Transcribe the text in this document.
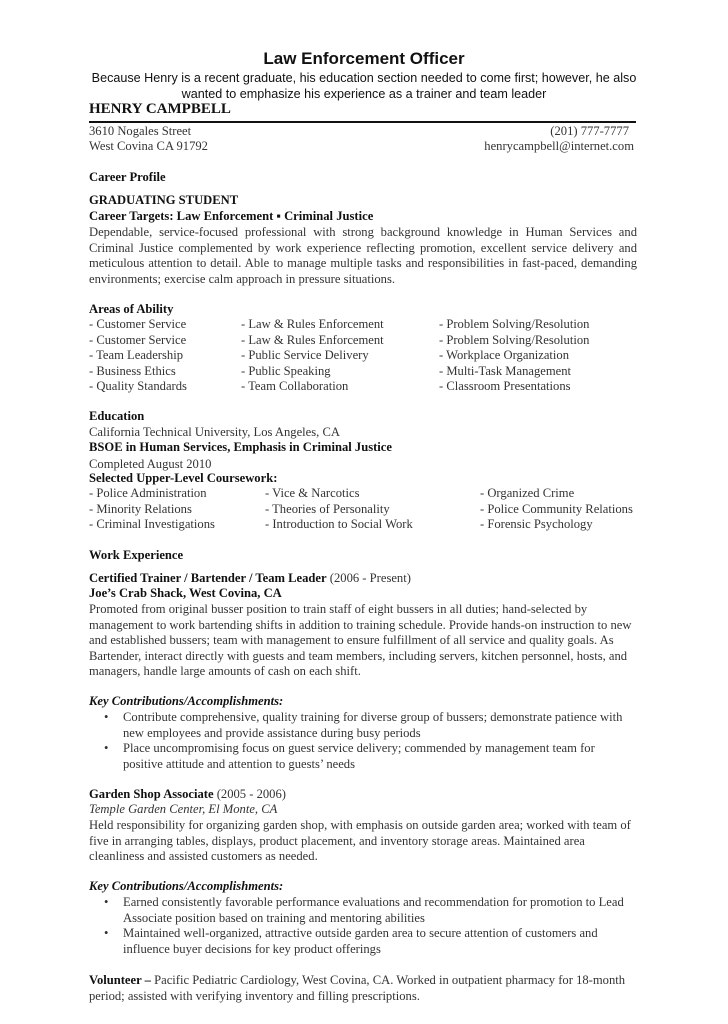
Law Enforcement Officer
Because Henry is a recent graduate, his education section needed to come first; however, he also
wanted to emphasize his experience as a trainer and team leader
HENRY CAMPBELL
3610 Nogales Street
West Covina CA 91792
(201) 777-7777
henrycampbell@internet.com
Career Profile
GRADUATING STUDENT
Career Targets: Law Enforcement ▪ Criminal Justice
Dependable, service-focused professional with strong background knowledge in Human Services and Criminal Justice complemented by work experience reflecting promotion, excellent service delivery and meticulous attention to detail. Able to manage multiple tasks and responsibilities in fast-paced, demanding environments; exercise calm approach in pressure situations.
Areas of Ability
- Customer Service
- Customer Service
- Team Leadership
- Business Ethics
- Quality Standards
- Law & Rules Enforcement
- Law & Rules Enforcement
- Public Service Delivery
- Public Speaking
- Team Collaboration
- Problem Solving/Resolution
- Problem Solving/Resolution
- Workplace Organization
- Multi-Task Management
- Classroom Presentations
Education
California Technical University, Los Angeles, CA
BSOE in Human Services, Emphasis in Criminal Justice
Completed August 2010
Selected Upper-Level Coursework:
- Police Administration
- Minority Relations
- Criminal Investigations
- Vice & Narcotics
- Theories of Personality
- Introduction to Social Work
- Organized Crime
- Police Community Relations
- Forensic Psychology
Work Experience
Certified Trainer / Bartender / Team Leader (2006 - Present)
Joe’s Crab Shack, West Covina, CA
Promoted from original busser position to train staff of eight bussers in all duties; hand-selected by management to work bartending shifts in addition to training schedule. Provide hands-on instruction to new and established bussers; team with management to ensure fulfillment of all service and quality goals. As Bartender, interact directly with guests and team members, including servers, kitchen personnel, hosts, and managers, handle large amounts of cash on each shift.
Key Contributions/Accomplishments:
• Contribute comprehensive, quality training for diverse group of bussers; demonstrate patience with new employees and provide assistance during busy periods
• Place uncompromising focus on guest service delivery; commended by management team for positive attitude and attention to guests’ needs
Garden Shop Associate (2005 - 2006)
Temple Garden Center, El Monte, CA
Held responsibility for organizing garden shop, with emphasis on outside garden area; worked with team of five in arranging tables, displays, product placement, and inventory storage areas. Maintained area cleanliness and assisted customers as needed.
Key Contributions/Accomplishments:
• Earned consistently favorable performance evaluations and recommendation for promotion to Lead Associate position based on training and mentoring abilities
• Maintained well-organized, attractive outside garden area to secure attention of customers and influence buyer decisions for key product offerings
Volunteer – Pacific Pediatric Cardiology, West Covina, CA. Worked in outpatient pharmacy for 18-month period; assisted with verifying inventory and filling prescriptions.
